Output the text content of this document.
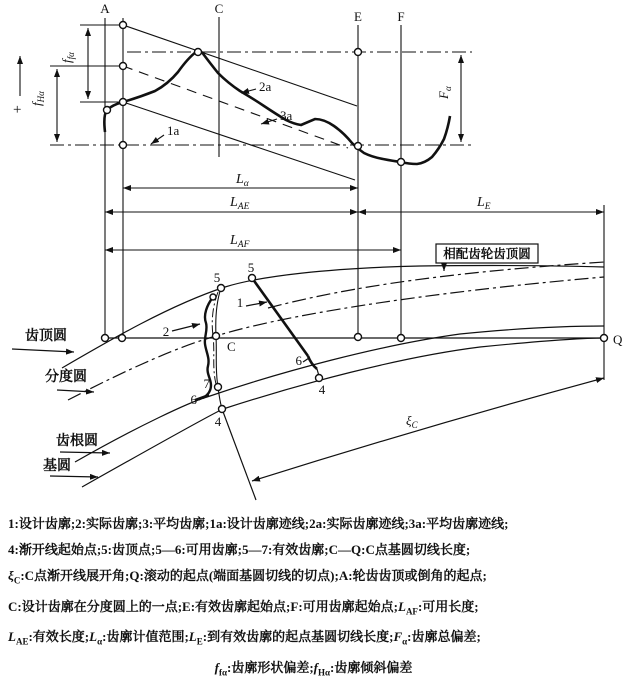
+
A	C
E	F
2a
3a
1a
$f_{f\alpha}$
$f_{H\alpha}$	$F_\alpha$
$L_\alpha$
$L_{AE}$	$L_E$
$L_{AF}$
齿顶圆
分度圆
齿根圆
基圆
相配齿轮齿顶圆
5
5
1
2
C
7
6
4
6
4
Q
$\xi_C$
1:设计齿廓;2:实际齿廓;3:平均齿廓;1a:设计齿廓迹线;2a:实际齿廓迹线;3a:平均齿廓迹线;
4:渐开线起始点;5:齿顶点;5—6:可用齿廓;5—7:有效齿廓;C—Q:C点基圆切线长度;
$\xi_C:C$点渐开线展开角;Q:滚动的起点(端面基圆切线的切点);A:轮齿齿顶或倒角的起点;
C:设计齿廓在分度圆上的一点;E:有效齿廓起始点;F:可用齿廓起始点$;L_{AF}$:可用长度;
$L_{AE}$:有效长度$;L_\alpha$:齿廓计值范围$;L_E$:到有效齿廓的起点基圆切线长度$;F_\alpha$:齿廓总偏差;
$f_{f\alpha}$:齿廓形状偏差$;f_{H\alpha}$:齿廓倾斜偏差
